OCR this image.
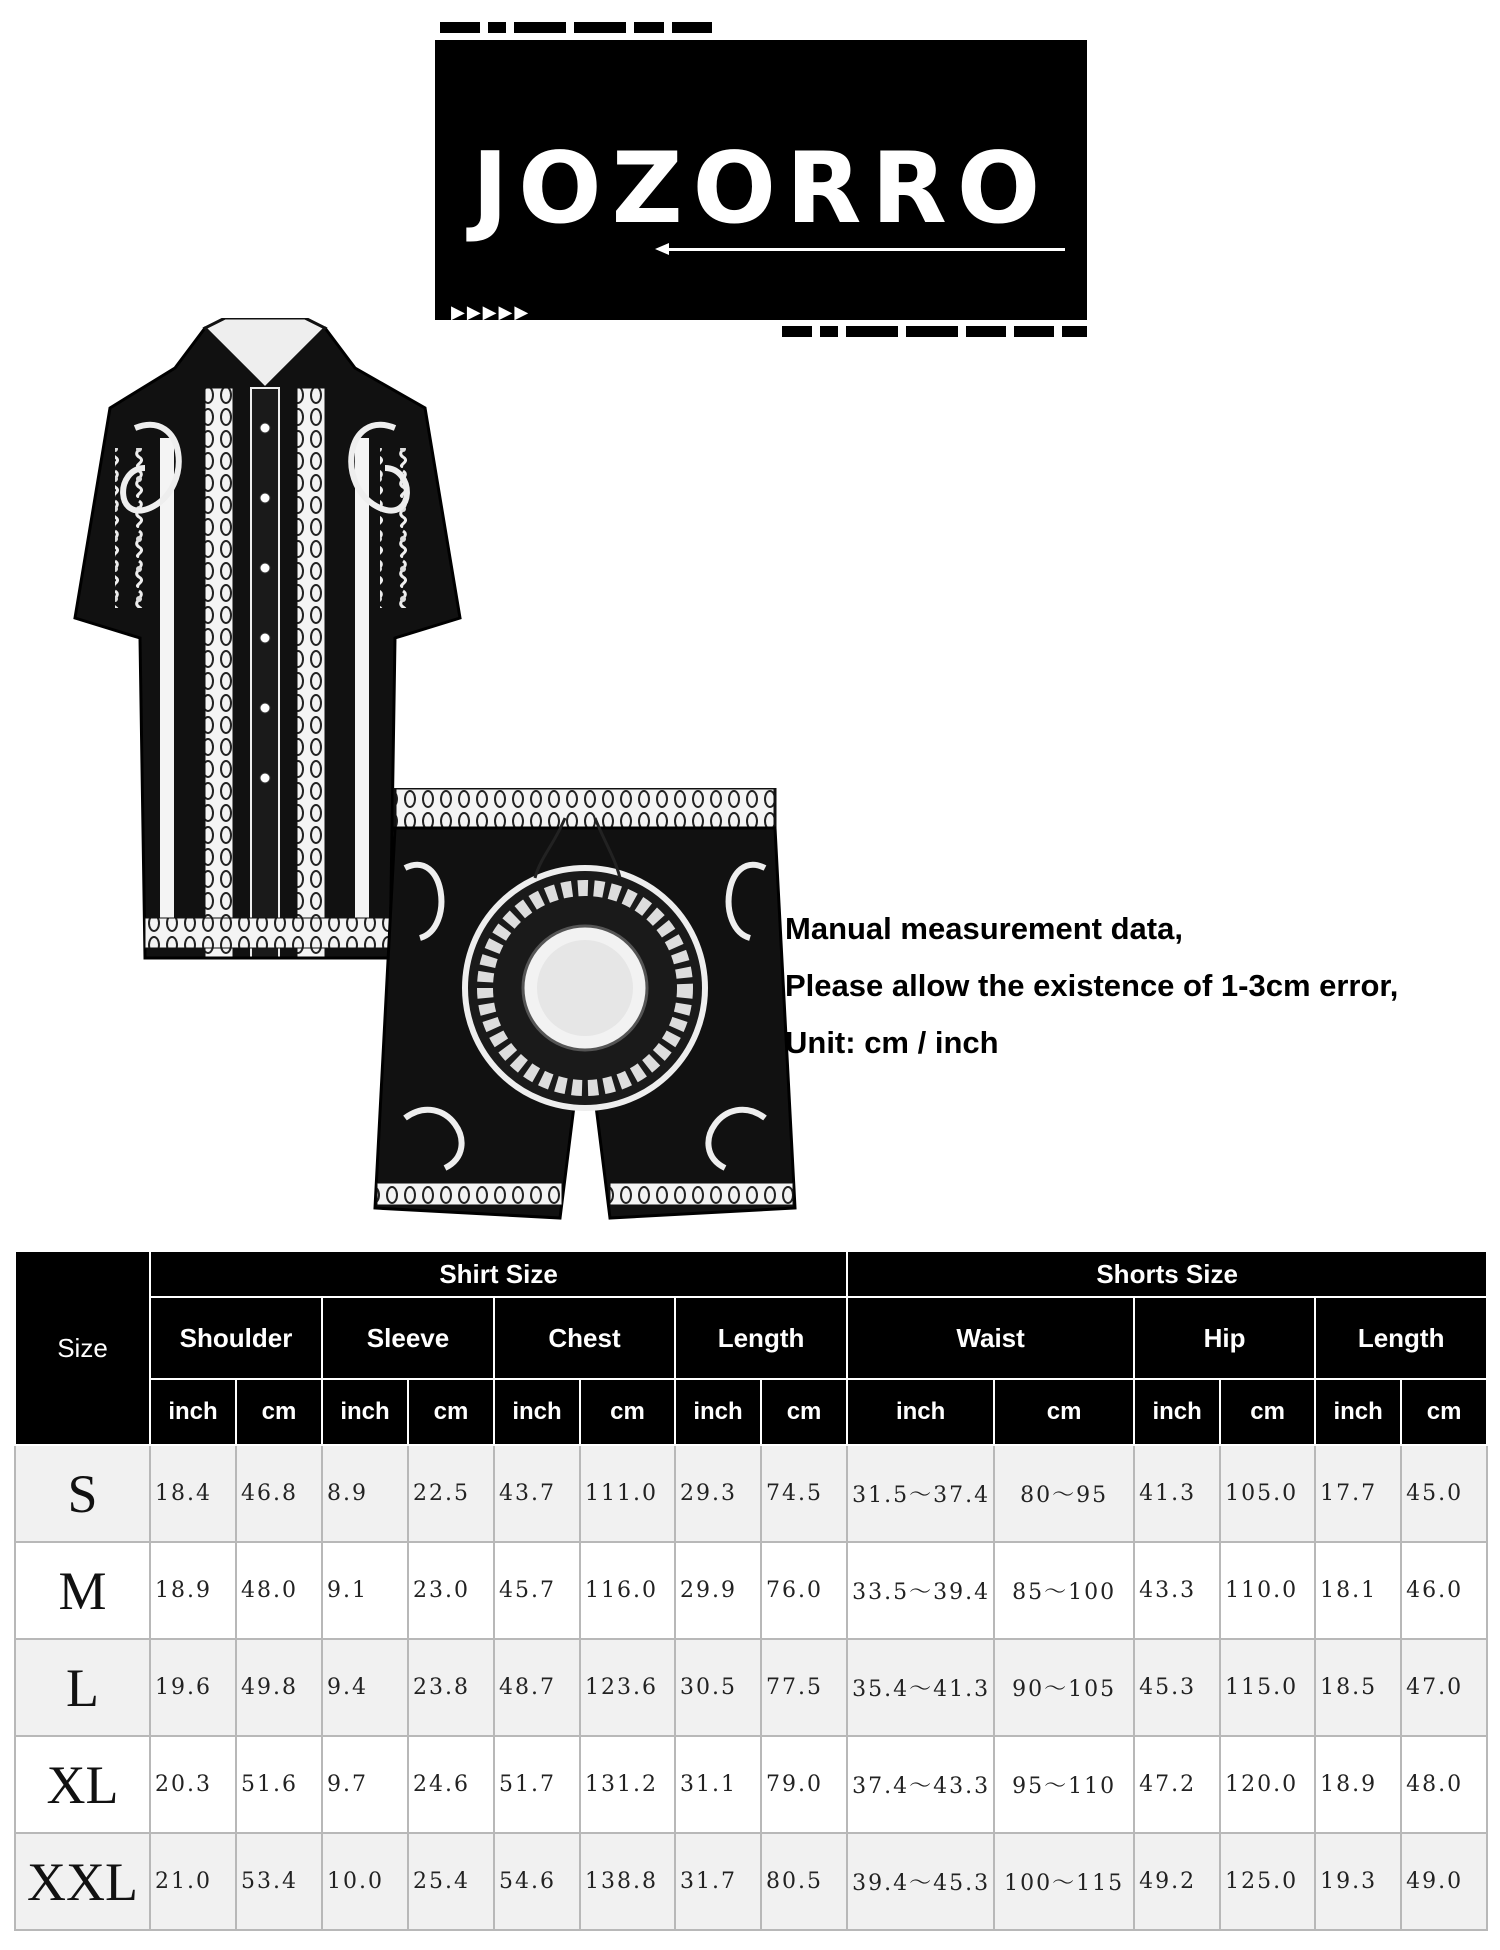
JOZORRO
▶▶▶▶▶
Manual measurement data,
Please allow the existence of 1-3cm error,
Unit: cm / inch
Size	Shirt Size								Shorts Size					
	Shoulder		Sleeve		Chest		Length		Waist		Hip		Length	
	inch	cm	inch	cm	inch	cm	inch	cm	inch	cm	inch	cm	inch	cm
S	18.4	46.8	8.9	22.5	43.7	111.0	29.3	74.5	31.5～37.4	80～95	41.3	105.0	17.7	45.0
M	18.9	48.0	9.1	23.0	45.7	116.0	29.9	76.0	33.5～39.4	85～100	43.3	110.0	18.1	46.0
L	19.6	49.8	9.4	23.8	48.7	123.6	30.5	77.5	35.4～41.3	90～105	45.3	115.0	18.5	47.0
XL	20.3	51.6	9.7	24.6	51.7	131.2	31.1	79.0	37.4～43.3	95～110	47.2	120.0	18.9	48.0
XXL	21.0	53.4	10.0	25.4	54.6	138.8	31.7	80.5	39.4～45.3	100～115	49.2	125.0	19.3	49.0
